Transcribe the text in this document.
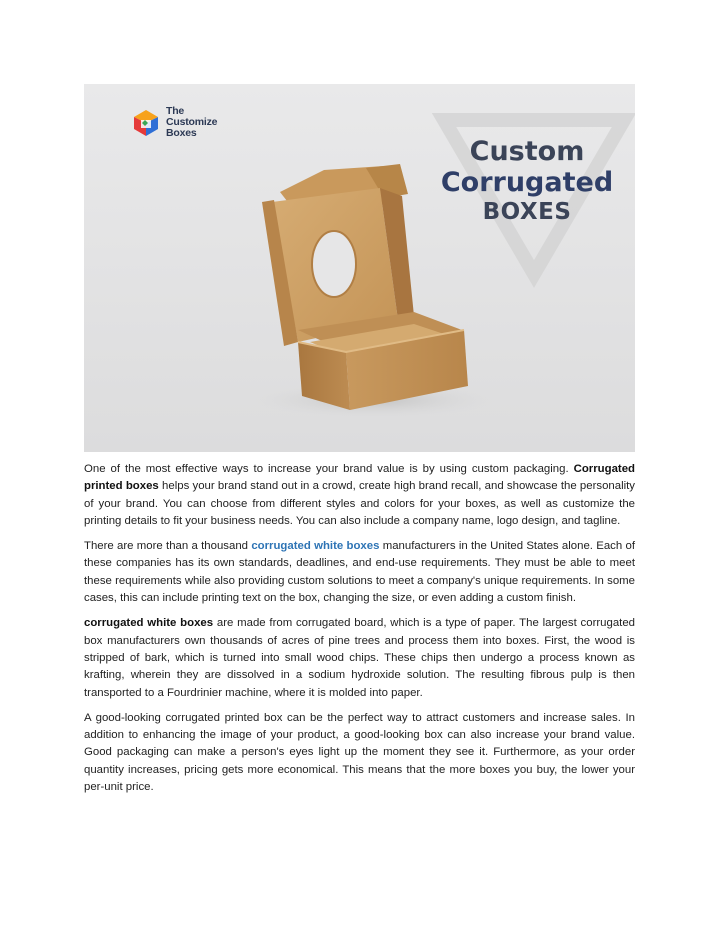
The
Customize
Boxes
Custom
Corrugated
BOXES

One of the most effective ways to increase your brand value is by using custom packaging. Corrugated printed boxes helps your brand stand out in a crowd, create high brand recall, and showcase the personality of your brand. You can choose from different styles and colors for your boxes, as well as customize the printing details to fit your business needs. You can also include a company name, logo design, and tagline.

There are more than a thousand corrugated white boxes manufacturers in the United States alone. Each of these companies has its own standards, deadlines, and end-use requirements. They must be able to meet these requirements while also providing custom solutions to meet a company's unique requirements. In some cases, this can include printing text on the box, changing the size, or even adding a custom finish.

corrugated white boxes are made from corrugated board, which is a type of paper. The largest corrugated box manufacturers own thousands of acres of pine trees and process them into boxes. First, the wood is stripped of bark, which is turned into small wood chips. These chips then undergo a process known as krafting, wherein they are dissolved in a sodium hydroxide solution. The resulting fibrous pulp is then transported to a Fourdrinier machine, where it is molded into paper.

A good-looking corrugated printed box can be the perfect way to attract customers and increase sales. In addition to enhancing the image of your product, a good-looking box can also increase your brand value. Good packaging can make a person's eyes light up the moment they see it. Furthermore, as your order quantity increases, pricing gets more economical. This means that the more boxes you buy, the lower your per-unit price.
